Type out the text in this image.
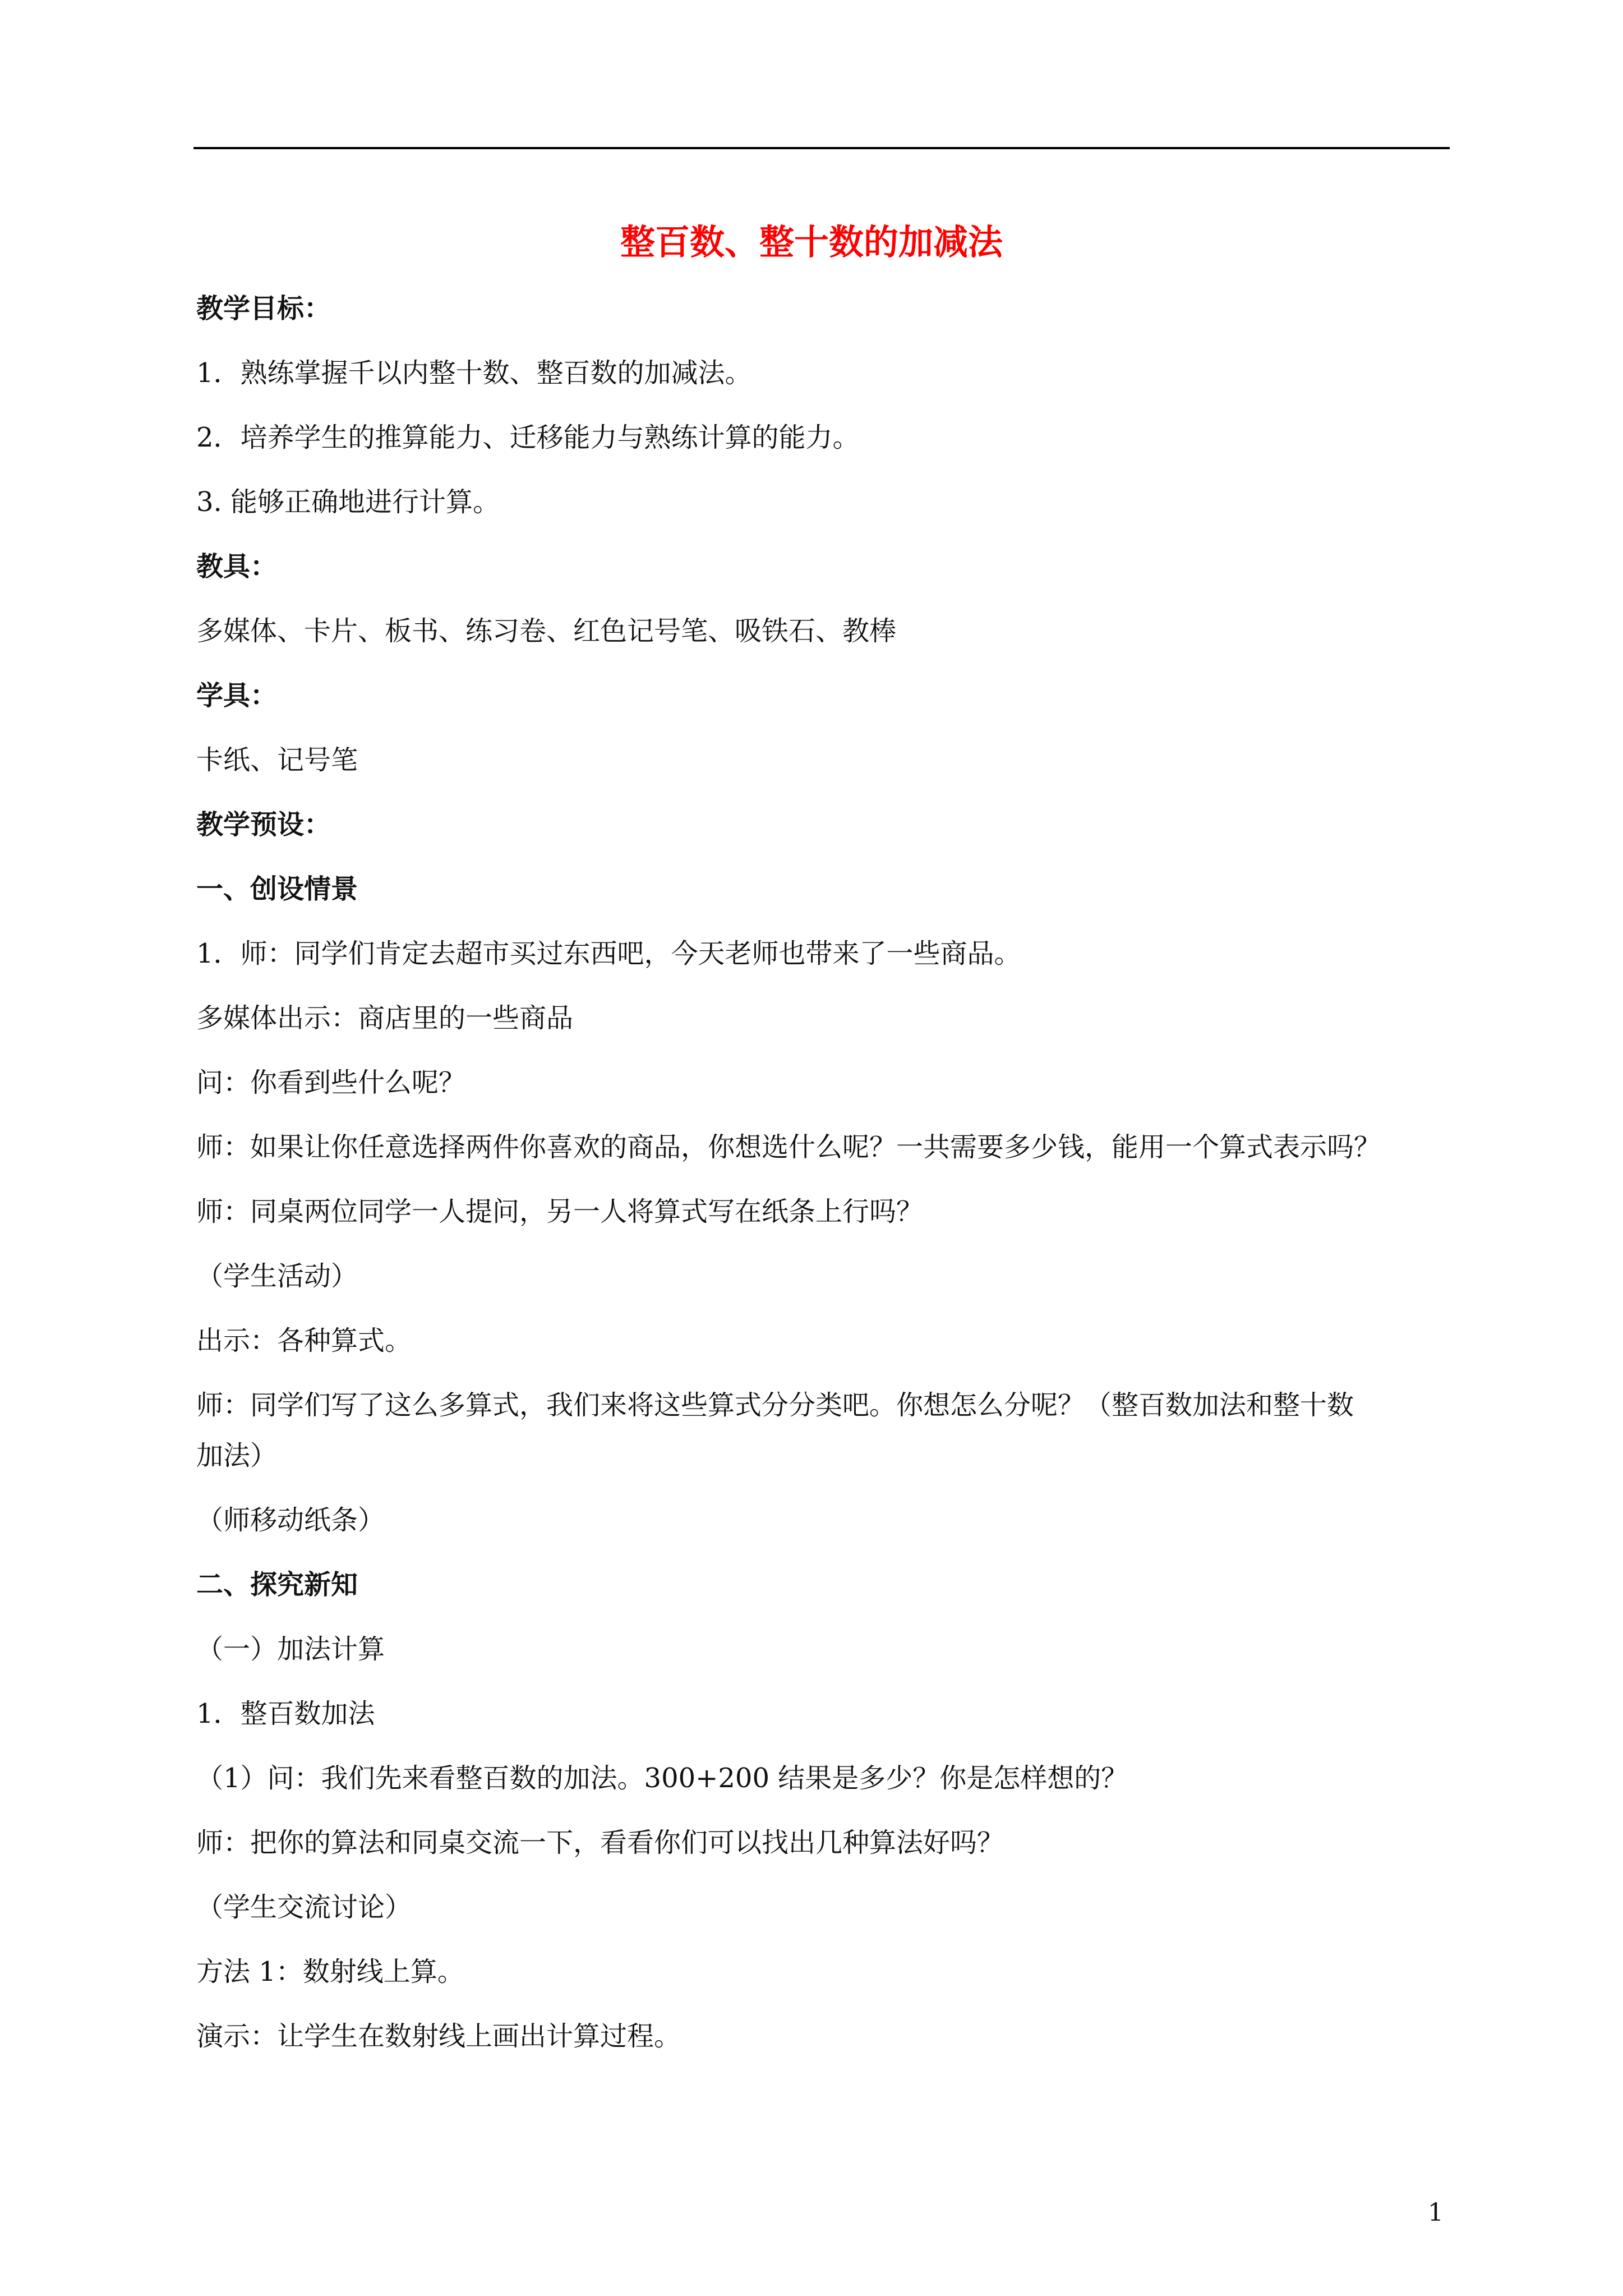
整百数、整十数的加减法
教学目标：
1．熟练掌握千以内整十数、整百数的加减法。
2．培养学生的推算能力、迁移能力与熟练计算的能力。
3. 能够正确地进行计算。
教具：
多媒体、卡片、板书、练习卷、红色记号笔、吸铁石、教棒
学具：
卡纸、记号笔
教学预设：
一、创设情景
1．师：同学们肯定去超市买过东西吧，今天老师也带来了一些商品。
多媒体出示：商店里的一些商品
问：你看到些什么呢？
师：如果让你任意选择两件你喜欢的商品，你想选什么呢？一共需要多少钱，能用一个算式表示吗？
师：同桌两位同学一人提问，另一人将算式写在纸条上行吗？
（学生活动）
出示：各种算式。
师：同学们写了这么多算式，我们来将这些算式分分类吧。你想怎么分呢？（整百数加法和整十数
加法）
（师移动纸条）
二、探究新知
（一）加法计算
1．整百数加法
（1）问：我们先来看整百数的加法。300+200 结果是多少？你是怎样想的？
师：把你的算法和同桌交流一下，看看你们可以找出几种算法好吗？
（学生交流讨论）
方法 1：数射线上算。
演示：让学生在数射线上画出计算过程。
1
